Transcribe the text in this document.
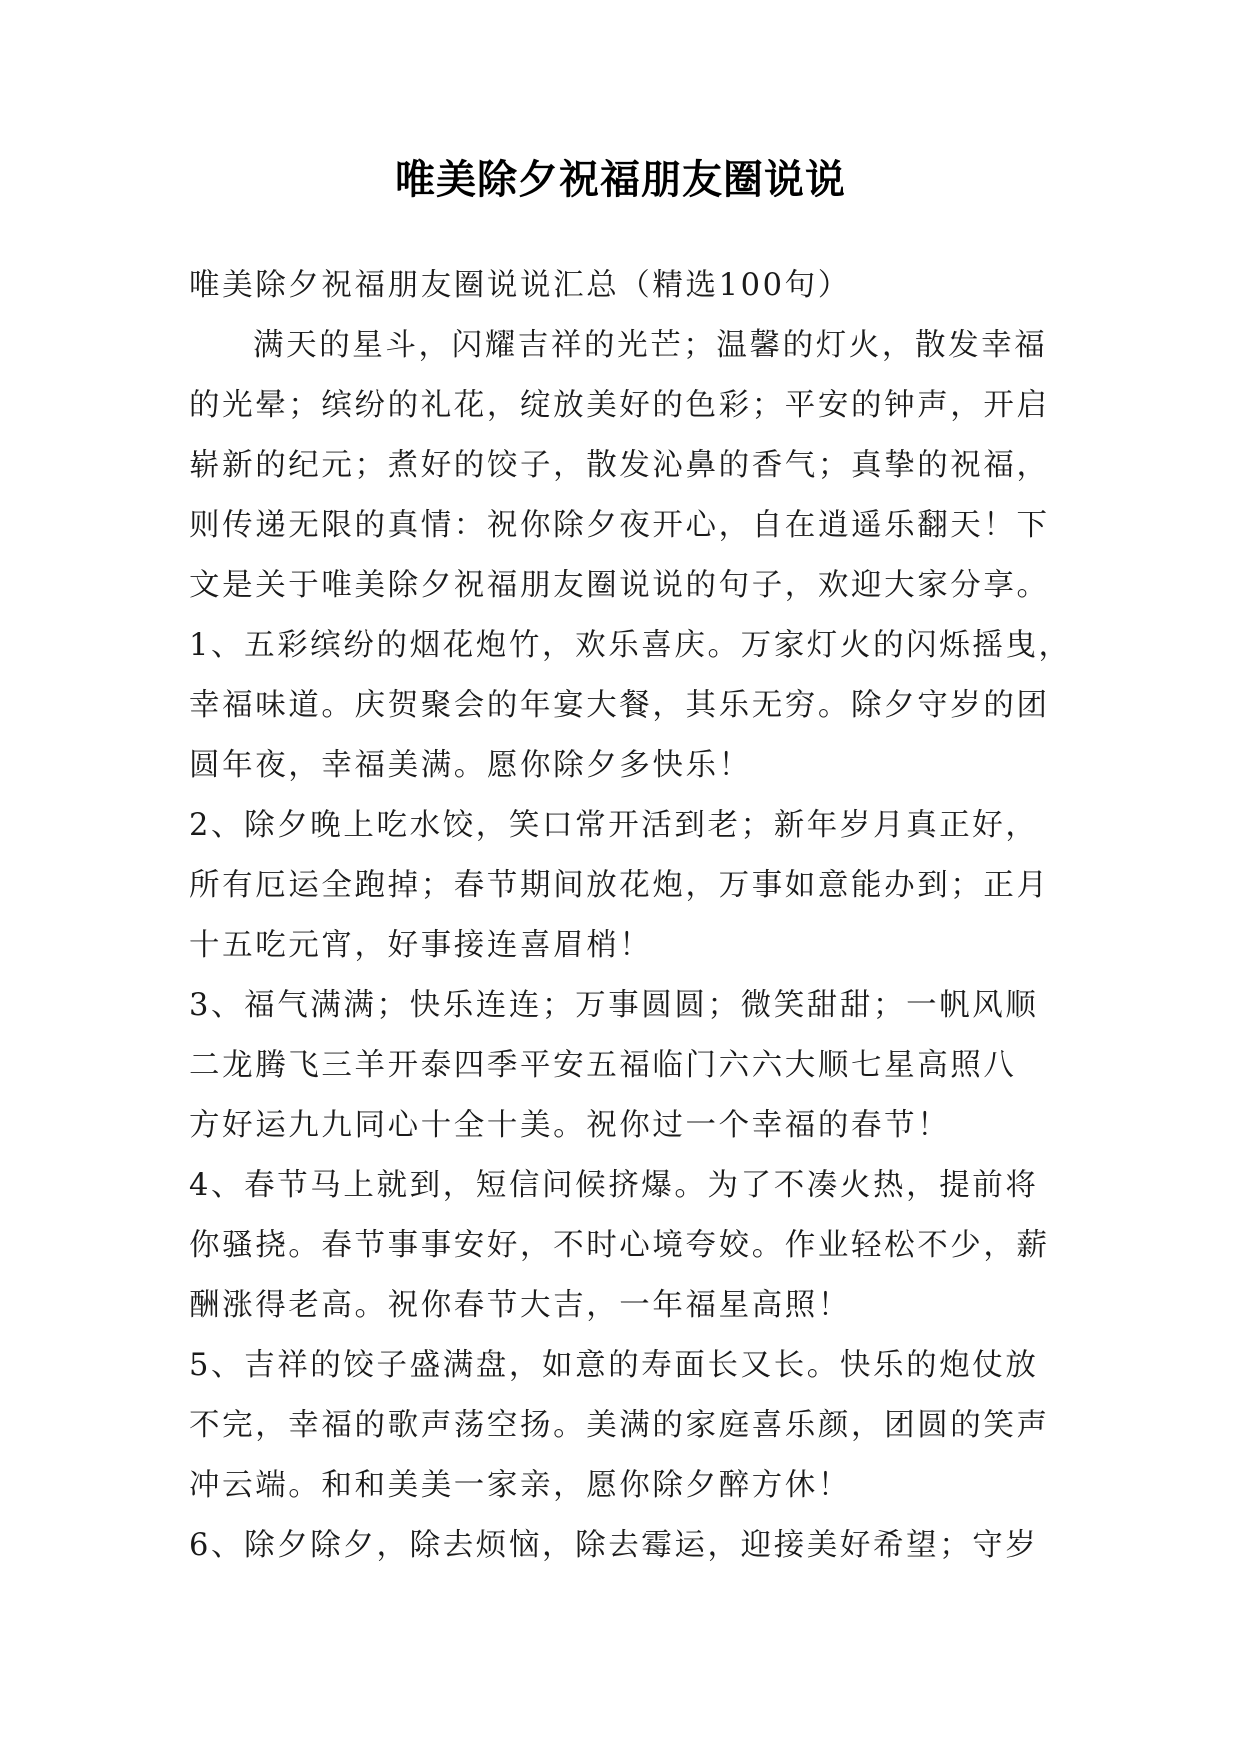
唯美除夕祝福朋友圈说说
唯美除夕祝福朋友圈说说汇总（精选100句）
满天的星斗，闪耀吉祥的光芒；温馨的灯火，散发幸福
的光晕；缤纷的礼花，绽放美好的色彩；平安的钟声，开启
崭新的纪元；煮好的饺子，散发沁鼻的香气；真挚的祝福，
则传递无限的真情：祝你除夕夜开心，自在逍遥乐翻天！下
文是关于唯美除夕祝福朋友圈说说的句子，欢迎大家分享。
1、五彩缤纷的烟花炮竹，欢乐喜庆。万家灯火的闪烁摇曳，
幸福味道。庆贺聚会的年宴大餐，其乐无穷。除夕守岁的团
圆年夜，幸福美满。愿你除夕多快乐！
2、除夕晚上吃水饺，笑口常开活到老；新年岁月真正好，
所有厄运全跑掉；春节期间放花炮，万事如意能办到；正月
十五吃元宵，好事接连喜眉梢！
3、福气满满；快乐连连；万事圆圆；微笑甜甜；一帆风顺
二龙腾飞三羊开泰四季平安五福临门六六大顺七星高照八
方好运九九同心十全十美。祝你过一个幸福的春节！
4、春节马上就到，短信问候挤爆。为了不凑火热，提前将
你骚挠。春节事事安好，不时心境夸姣。作业轻松不少，薪
酬涨得老高。祝你春节大吉，一年福星高照！
5、吉祥的饺子盛满盘，如意的寿面长又长。快乐的炮仗放
不完，幸福的歌声荡空扬。美满的家庭喜乐颜，团圆的笑声
冲云端。和和美美一家亲，愿你除夕醉方休！
6、除夕除夕，除去烦恼，除去霉运，迎接美好希望；守岁
